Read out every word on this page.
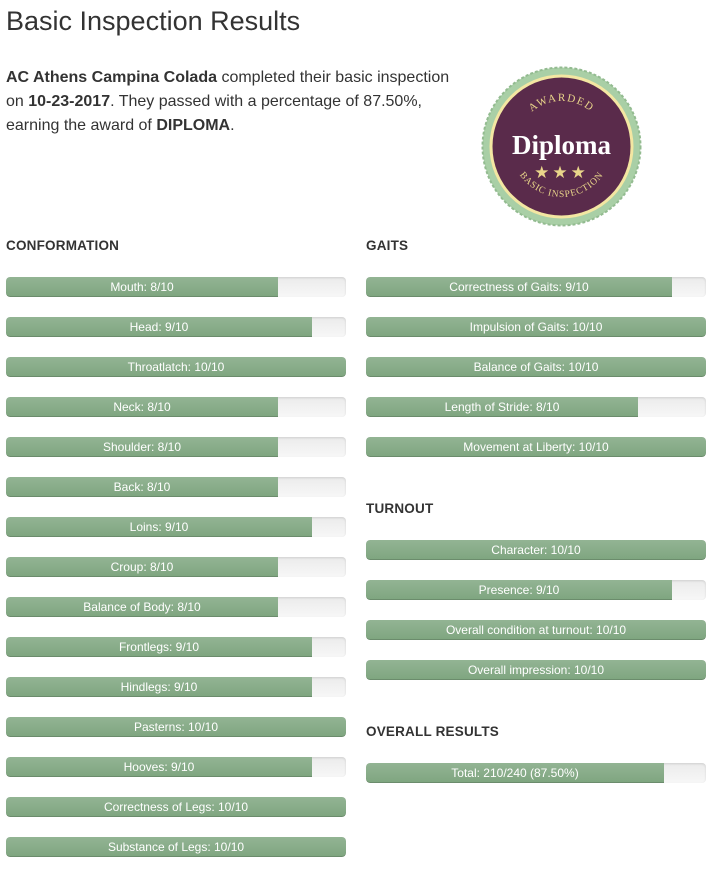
Basic Inspection Results
AC Athens Campina Colada completed their basic inspection on 10-23-2017. They passed with a percentage of 87.50%, earning the award of DIPLOMA.
AWARDED
Diploma
★★★
BASIC INSPECTION
CONFORMATION
Mouth: 8/10
Head: 9/10
Throatlatch: 10/10
Neck: 8/10
Shoulder: 8/10
Back: 8/10
Loins: 9/10
Croup: 8/10
Balance of Body: 8/10
Frontlegs: 9/10
Hindlegs: 9/10
Pasterns: 10/10
Hooves: 9/10
Correctness of Legs: 10/10
Substance of Legs: 10/10
GAITS
Correctness of Gaits: 9/10
Impulsion of Gaits: 10/10
Balance of Gaits: 10/10
Length of Stride: 8/10
Movement at Liberty: 10/10
TURNOUT
Character: 10/10
Presence: 9/10
Overall condition at turnout: 10/10
Overall impression: 10/10
OVERALL RESULTS
Total: 210/240 (87.50%)
